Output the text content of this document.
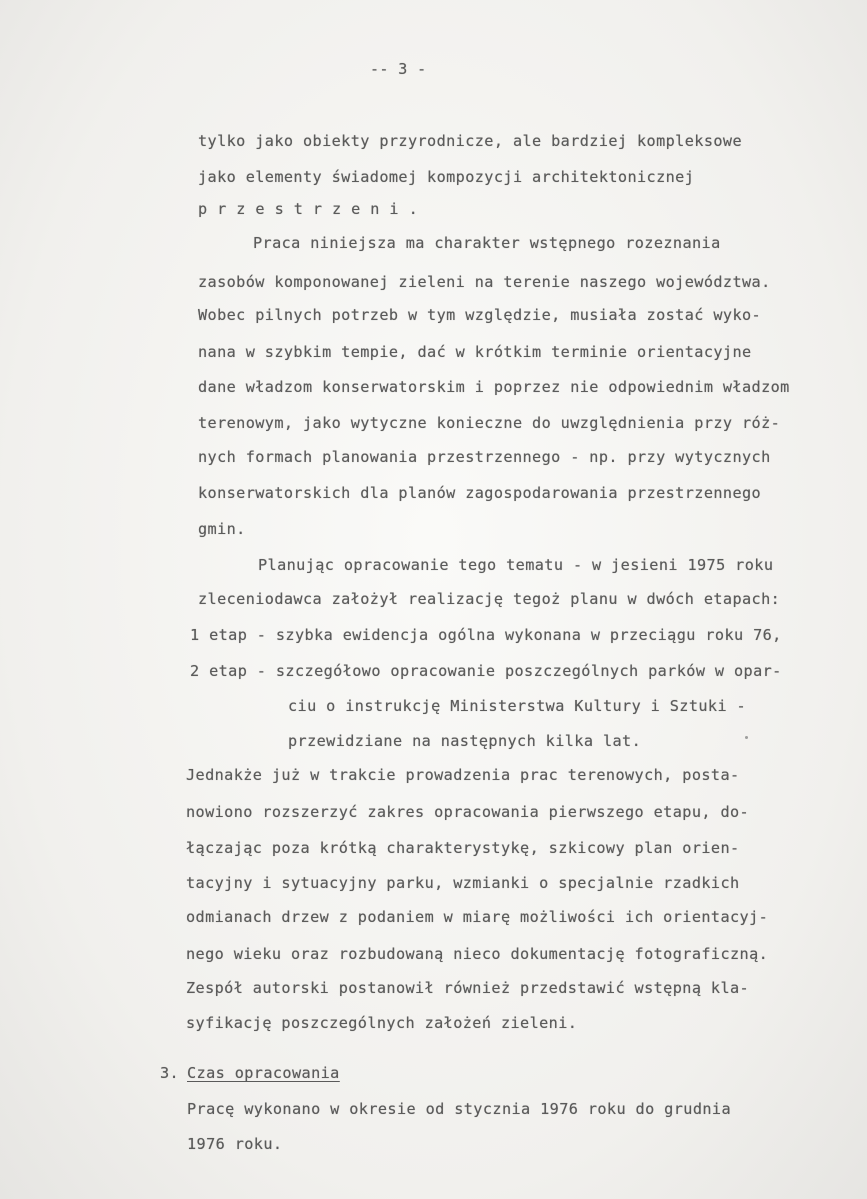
-- 3 -
tylko jako obiekty przyrodnicze, ale bardziej kompleksowe
jako elementy świadomej kompozycji architektonicznej
przestrzeni.
Praca niniejsza ma charakter wstępnego rozeznania
zasobów komponowanej zieleni na terenie naszego województwa.
Wobec pilnych potrzeb w tym względzie, musiała zostać wyko-
nana w szybkim tempie, dać w krótkim terminie orientacyjne
dane władzom konserwatorskim i poprzez nie odpowiednim władzom
terenowym, jako wytyczne konieczne do uwzględnienia przy róż-
nych formach planowania przestrzennego - np. przy wytycznych
konserwatorskich dla planów zagospodarowania przestrzennego
gmin.
Planując opracowanie tego tematu - w jesieni 1975 roku
zleceniodawca założył realizację tegoż planu w dwóch etapach:
1 etap - szybka ewidencja ogólna wykonana w przeciągu roku 76,
2 etap - szczegółowo opracowanie poszczególnych parków w opar-
ciu o instrukcję Ministerstwa Kultury i Sztuki -
przewidziane na następnych kilka lat.
Jednakże już w trakcie prowadzenia prac terenowych, posta-
nowiono rozszerzyć zakres opracowania pierwszego etapu, do-
łączając poza krótką charakterystykę, szkicowy plan orien-
tacyjny i sytuacyjny parku, wzmianki o specjalnie rzadkich
odmianach drzew z podaniem w miarę możliwości ich orientacyj-
nego wieku oraz rozbudowaną nieco dokumentację fotograficzną.
Zespół autorski postanowił również przedstawić wstępną kla-
syfikację poszczególnych założeń zieleni.
3. Czas opracowania
Pracę wykonano w okresie od stycznia 1976 roku do grudnia
1976 roku.
